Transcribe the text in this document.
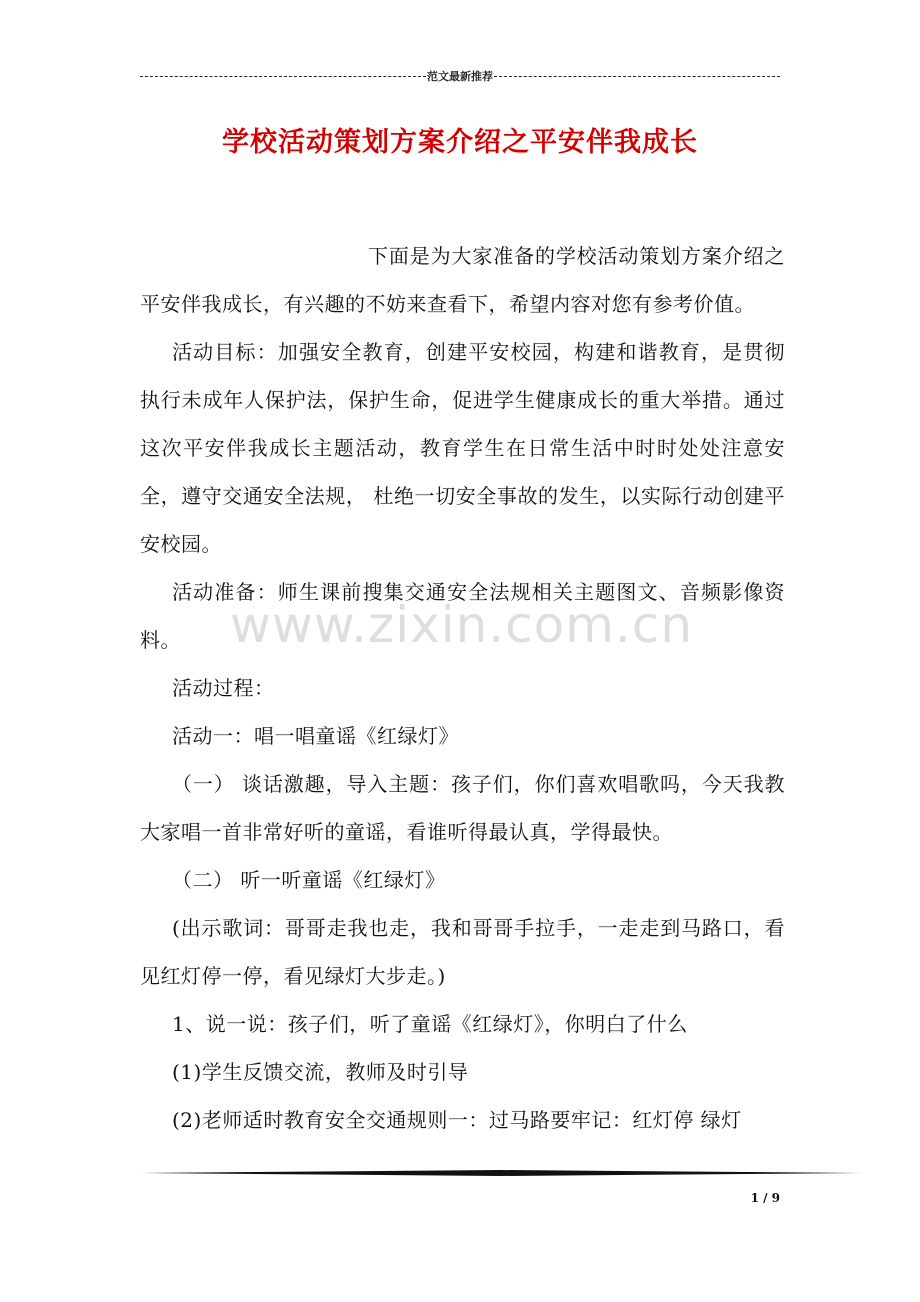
范文最新推荐
学校活动策划方案介绍之平安伴我成长

下面是为大家准备的学校活动策划方案介绍之平安伴我成长，有兴趣的不妨来查看下，希望内容对您有参考价值。

活动目标：加强安全教育，创建平安校园，构建和谐教育，是贯彻执行未成年人保护法，保护生命，促进学生健康成长的重大举措。通过这次平安伴我成长主题活动，教育学生在日常生活中时时处处注意安全，遵守交通安全法规， 杜绝一切安全事故的发生，以实际行动创建平安校园。

活动准备：师生课前搜集交通安全法规相关主题图文、音频影像资料。

活动过程：

活动一：唱一唱童谣《红绿灯》

（一） 谈话激趣，导入主题：孩子们，你们喜欢唱歌吗，今天我教大家唱一首非常好听的童谣，看谁听得最认真，学得最快。

（二） 听一听童谣《红绿灯》

(出示歌词：哥哥走我也走，我和哥哥手拉手，一走走到马路口，看见红灯停一停，看见绿灯大步走。)

1、说一说：孩子们，听了童谣《红绿灯》，你明白了什么

(1)学生反馈交流，教师及时引导

(2)老师适时教育安全交通规则一：过马路要牢记：红灯停 绿灯

www.zixin.com.cn
1 / 9
